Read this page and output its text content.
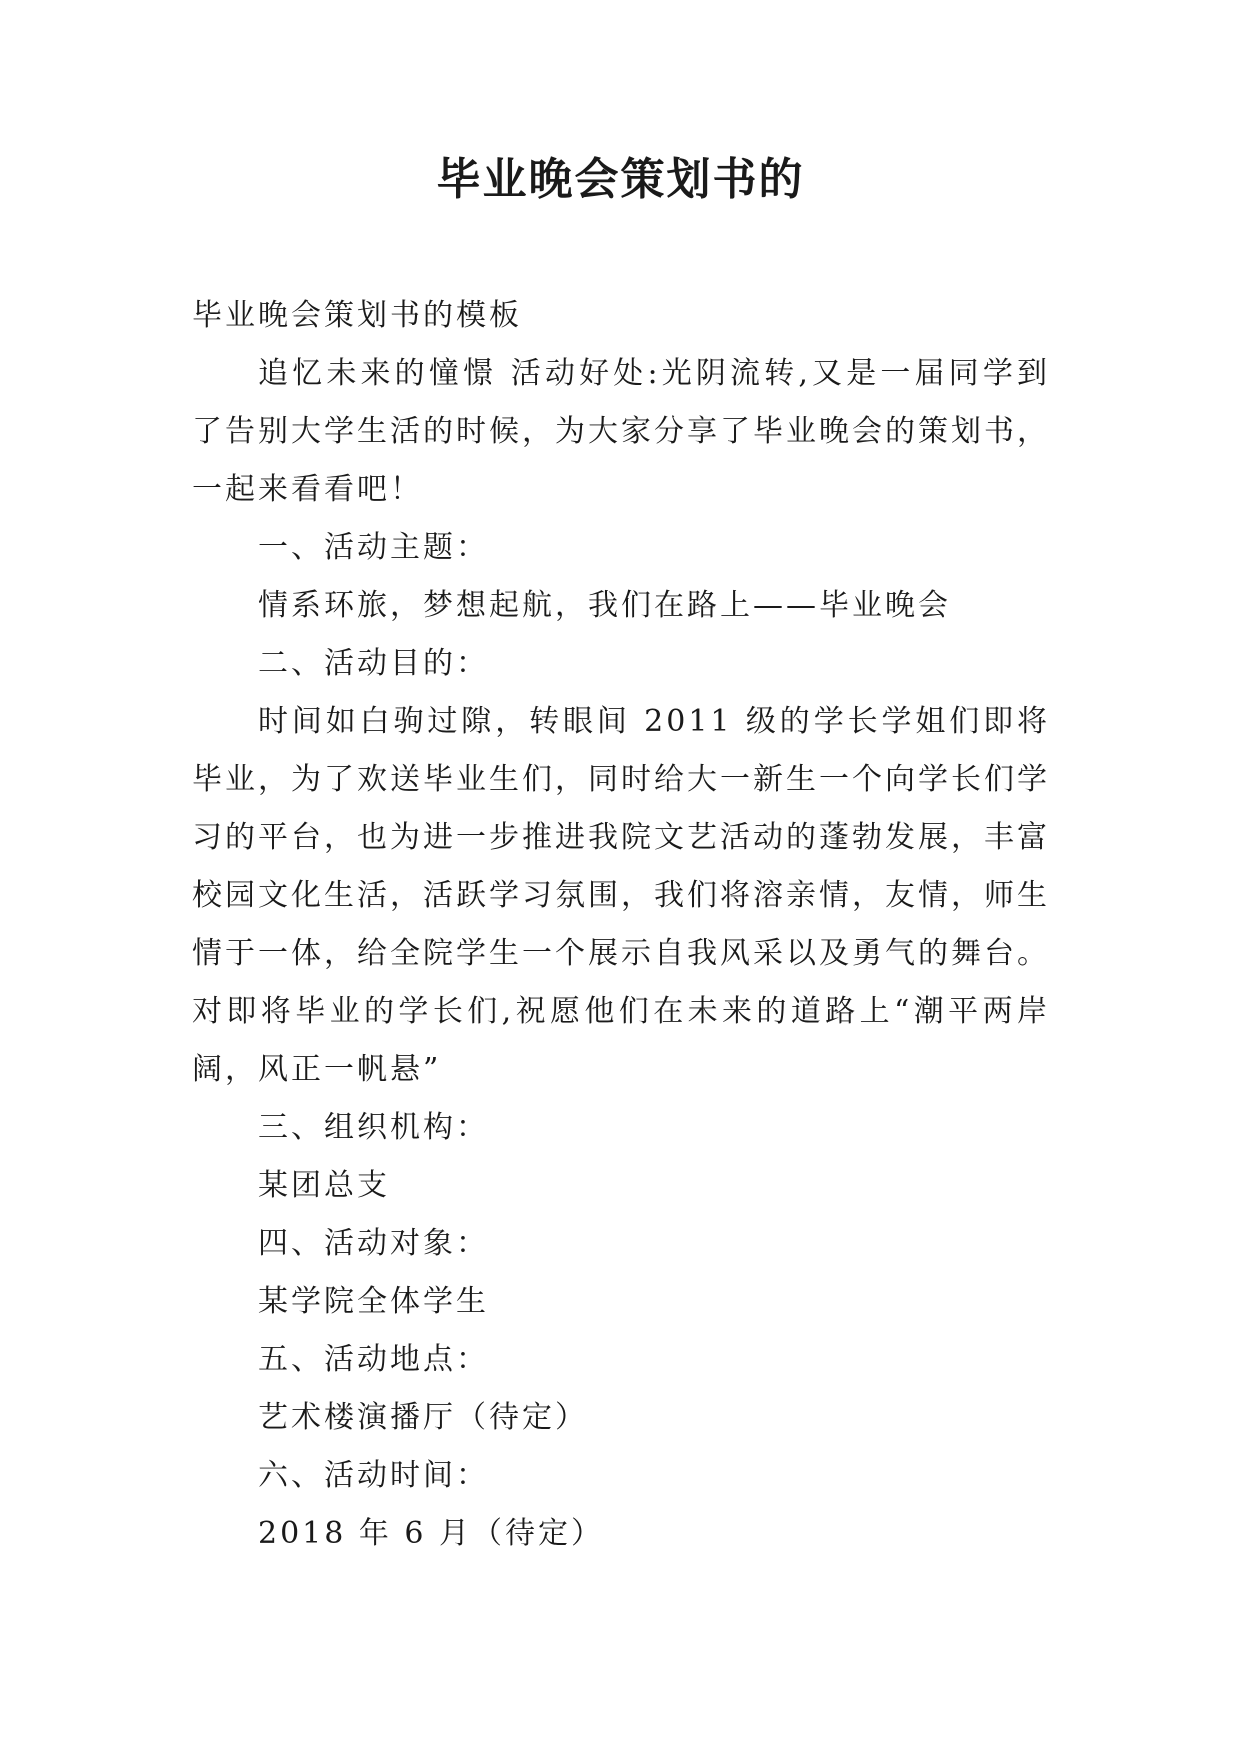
毕业晚会策划书的

毕业晚会策划书的模板

追忆未来的憧憬 活动好处:光阴流转,又是一届同学到了告别大学生活的时候，为大家分享了毕业晚会的策划书，一起来看看吧！

一、活动主题：

情系环旅，梦想起航，我们在路上——毕业晚会

二、活动目的：

时间如白驹过隙，转眼间 2011 级的学长学姐们即将毕业，为了欢送毕业生们，同时给大一新生一个向学长们学习的平台，也为进一步推进我院文艺活动的蓬勃发展，丰富校园文化生活，活跃学习氛围，我们将溶亲情，友情，师生情于一体，给全院学生一个展示自我风采以及勇气的舞台。对即将毕业的学长们,祝愿他们在未来的道路上“潮平两岸阔，风正一帆悬”

三、组织机构：

某团总支

四、活动对象：

某学院全体学生

五、活动地点：

艺术楼演播厅（待定）

六、活动时间：

2018 年 6 月（待定）
